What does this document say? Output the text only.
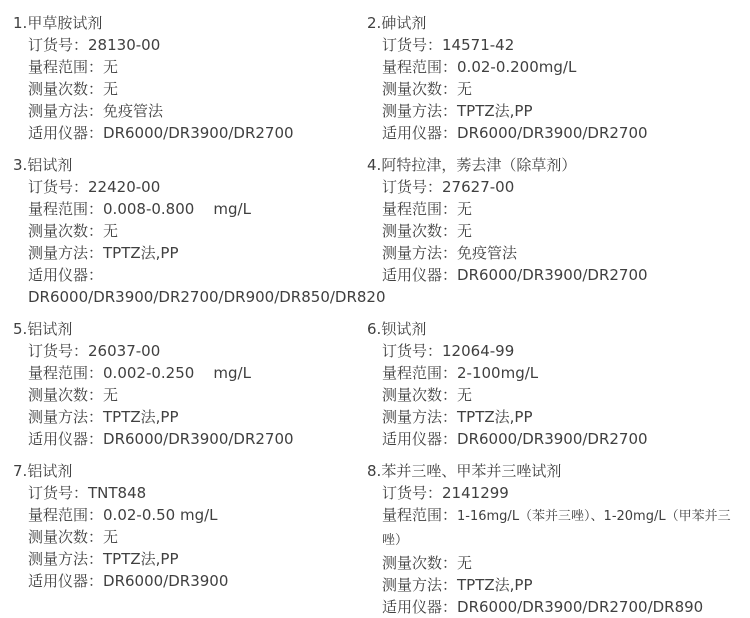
1.甲草胺试剂
订货号：28130-00
量程范围：无
测量次数：无
测量方法：免疫管法
适用仪器：DR6000/DR3900/DR2700
2.砷试剂
订货号：14571-42
量程范围：0.02-0.200mg/L
测量次数：无
测量方法：TPTZ法,PP
适用仪器：DR6000/DR3900/DR2700
3.铝试剂
订货号：22420-00
量程范围：0.008-0.800    mg/L
测量次数：无
测量方法：TPTZ法,PP
适用仪器：DR6000/DR3900/DR2700/DR900/DR850/DR820
4.阿特拉津，莠去津（除草剂）
订货号：27627-00
量程范围：无
测量次数：无
测量方法：免疫管法
适用仪器：DR6000/DR3900/DR2700
5.铝试剂
订货号：26037-00
量程范围：0.002-0.250    mg/L
测量次数：无
测量方法：TPTZ法,PP
适用仪器：DR6000/DR3900/DR2700
6.钡试剂
订货号：12064-99
量程范围：2-100mg/L
测量次数：无
测量方法：TPTZ法,PP
适用仪器：DR6000/DR3900/DR2700
7.铝试剂
订货号：TNT848
量程范围：0.02-0.50 mg/L
测量次数：无
测量方法：TPTZ法,PP
适用仪器：DR6000/DR3900
8.苯并三唑、甲苯并三唑试剂
订货号：2141299
量程范围：1-16mg/L（苯并三唑）、1-20mg/L（甲苯并三唑）
测量次数：无
测量方法：TPTZ法,PP
适用仪器：DR6000/DR3900/DR2700/DR890
